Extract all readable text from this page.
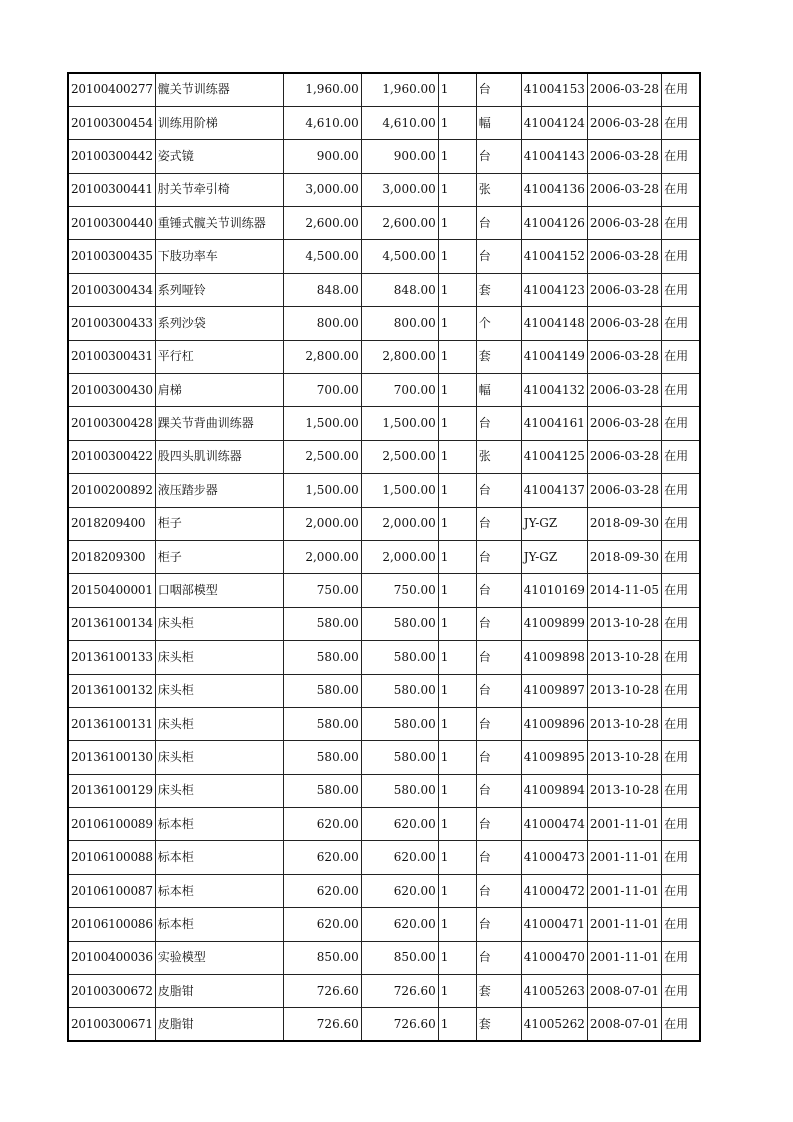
20100400277	髋关节训练器	1,960.00	1,960.00	1	台	41004153	2006-03-28	在用
20100300454	训练用阶梯	4,610.00	4,610.00	1	幅	41004124	2006-03-28	在用
20100300442	姿式镜	900.00	900.00	1	台	41004143	2006-03-28	在用
20100300441	肘关节牵引椅	3,000.00	3,000.00	1	张	41004136	2006-03-28	在用
20100300440	重锤式髋关节训练器	2,600.00	2,600.00	1	台	41004126	2006-03-28	在用
20100300435	下肢功率车	4,500.00	4,500.00	1	台	41004152	2006-03-28	在用
20100300434	系列哑铃	848.00	848.00	1	套	41004123	2006-03-28	在用
20100300433	系列沙袋	800.00	800.00	1	个	41004148	2006-03-28	在用
20100300431	平行杠	2,800.00	2,800.00	1	套	41004149	2006-03-28	在用
20100300430	肩梯	700.00	700.00	1	幅	41004132	2006-03-28	在用
20100300428	踝关节背曲训练器	1,500.00	1,500.00	1	台	41004161	2006-03-28	在用
20100300422	股四头肌训练器	2,500.00	2,500.00	1	张	41004125	2006-03-28	在用
20100200892	液压踏步器	1,500.00	1,500.00	1	台	41004137	2006-03-28	在用
2018209400	柜子	2,000.00	2,000.00	1	台	JY-GZ	2018-09-30	在用
2018209300	柜子	2,000.00	2,000.00	1	台	JY-GZ	2018-09-30	在用
20150400001	口咽部模型	750.00	750.00	1	台	41010169	2014-11-05	在用
20136100134	床头柜	580.00	580.00	1	台	41009899	2013-10-28	在用
20136100133	床头柜	580.00	580.00	1	台	41009898	2013-10-28	在用
20136100132	床头柜	580.00	580.00	1	台	41009897	2013-10-28	在用
20136100131	床头柜	580.00	580.00	1	台	41009896	2013-10-28	在用
20136100130	床头柜	580.00	580.00	1	台	41009895	2013-10-28	在用
20136100129	床头柜	580.00	580.00	1	台	41009894	2013-10-28	在用
20106100089	标本柜	620.00	620.00	1	台	41000474	2001-11-01	在用
20106100088	标本柜	620.00	620.00	1	台	41000473	2001-11-01	在用
20106100087	标本柜	620.00	620.00	1	台	41000472	2001-11-01	在用
20106100086	标本柜	620.00	620.00	1	台	41000471	2001-11-01	在用
20100400036	实验模型	850.00	850.00	1	台	41000470	2001-11-01	在用
20100300672	皮脂钳	726.60	726.60	1	套	41005263	2008-07-01	在用
20100300671	皮脂钳	726.60	726.60	1	套	41005262	2008-07-01	在用
